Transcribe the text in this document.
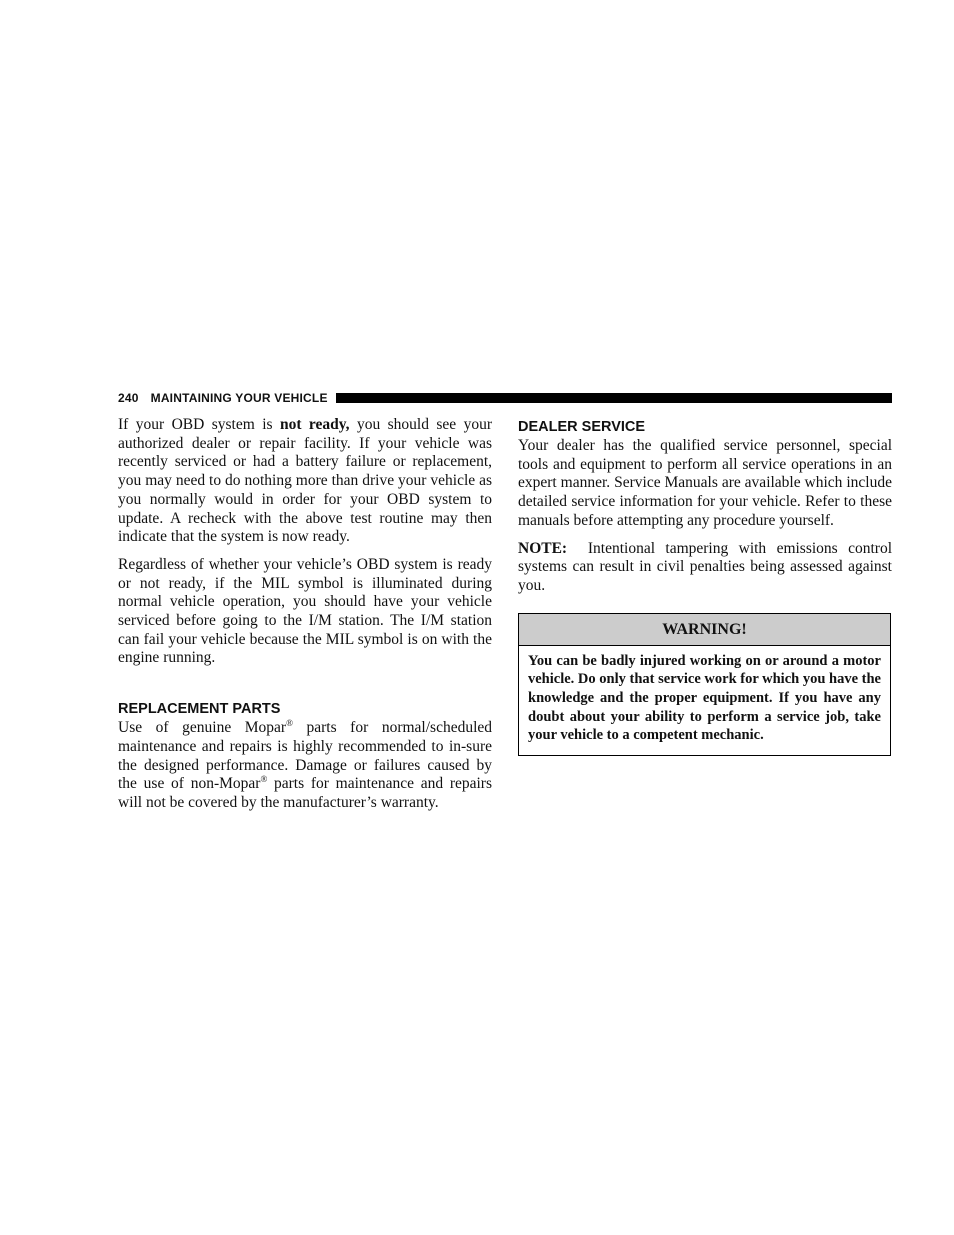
240 MAINTAINING YOUR VEHICLE

If your OBD system is not ready, you should see your authorized dealer or repair facility. If your vehicle was recently serviced or had a battery failure or replacement, you may need to do nothing more than drive your vehicle as you normally would in order for your OBD system to update. A recheck with the above test routine may then indicate that the system is now ready.

Regardless of whether your vehicle’s OBD system is ready or not ready, if the MIL symbol is illuminated during normal vehicle operation, you should have your vehicle serviced before going to the I/M station. The I/M station can fail your vehicle because the MIL symbol is on with the engine running.

REPLACEMENT PARTS

Use of genuine Mopar® parts for normal/scheduled maintenance and repairs is highly recommended to in-sure the designed performance. Damage or failures caused by the use of non-Mopar® parts for maintenance and repairs will not be covered by the manufacturer’s warranty.

DEALER SERVICE

Your dealer has the qualified service personnel, special tools and equipment to perform all service operations in an expert manner. Service Manuals are available which include detailed service information for your vehicle. Refer to these manuals before attempting any procedure yourself.

NOTE:  Intentional tampering with emissions control systems can result in civil penalties being assessed against you.

WARNING!
You can be badly injured working on or around a motor vehicle. Do only that service work for which you have the knowledge and the proper equipment. If you have any doubt about your ability to perform a service job, take your vehicle to a competent mechanic.
